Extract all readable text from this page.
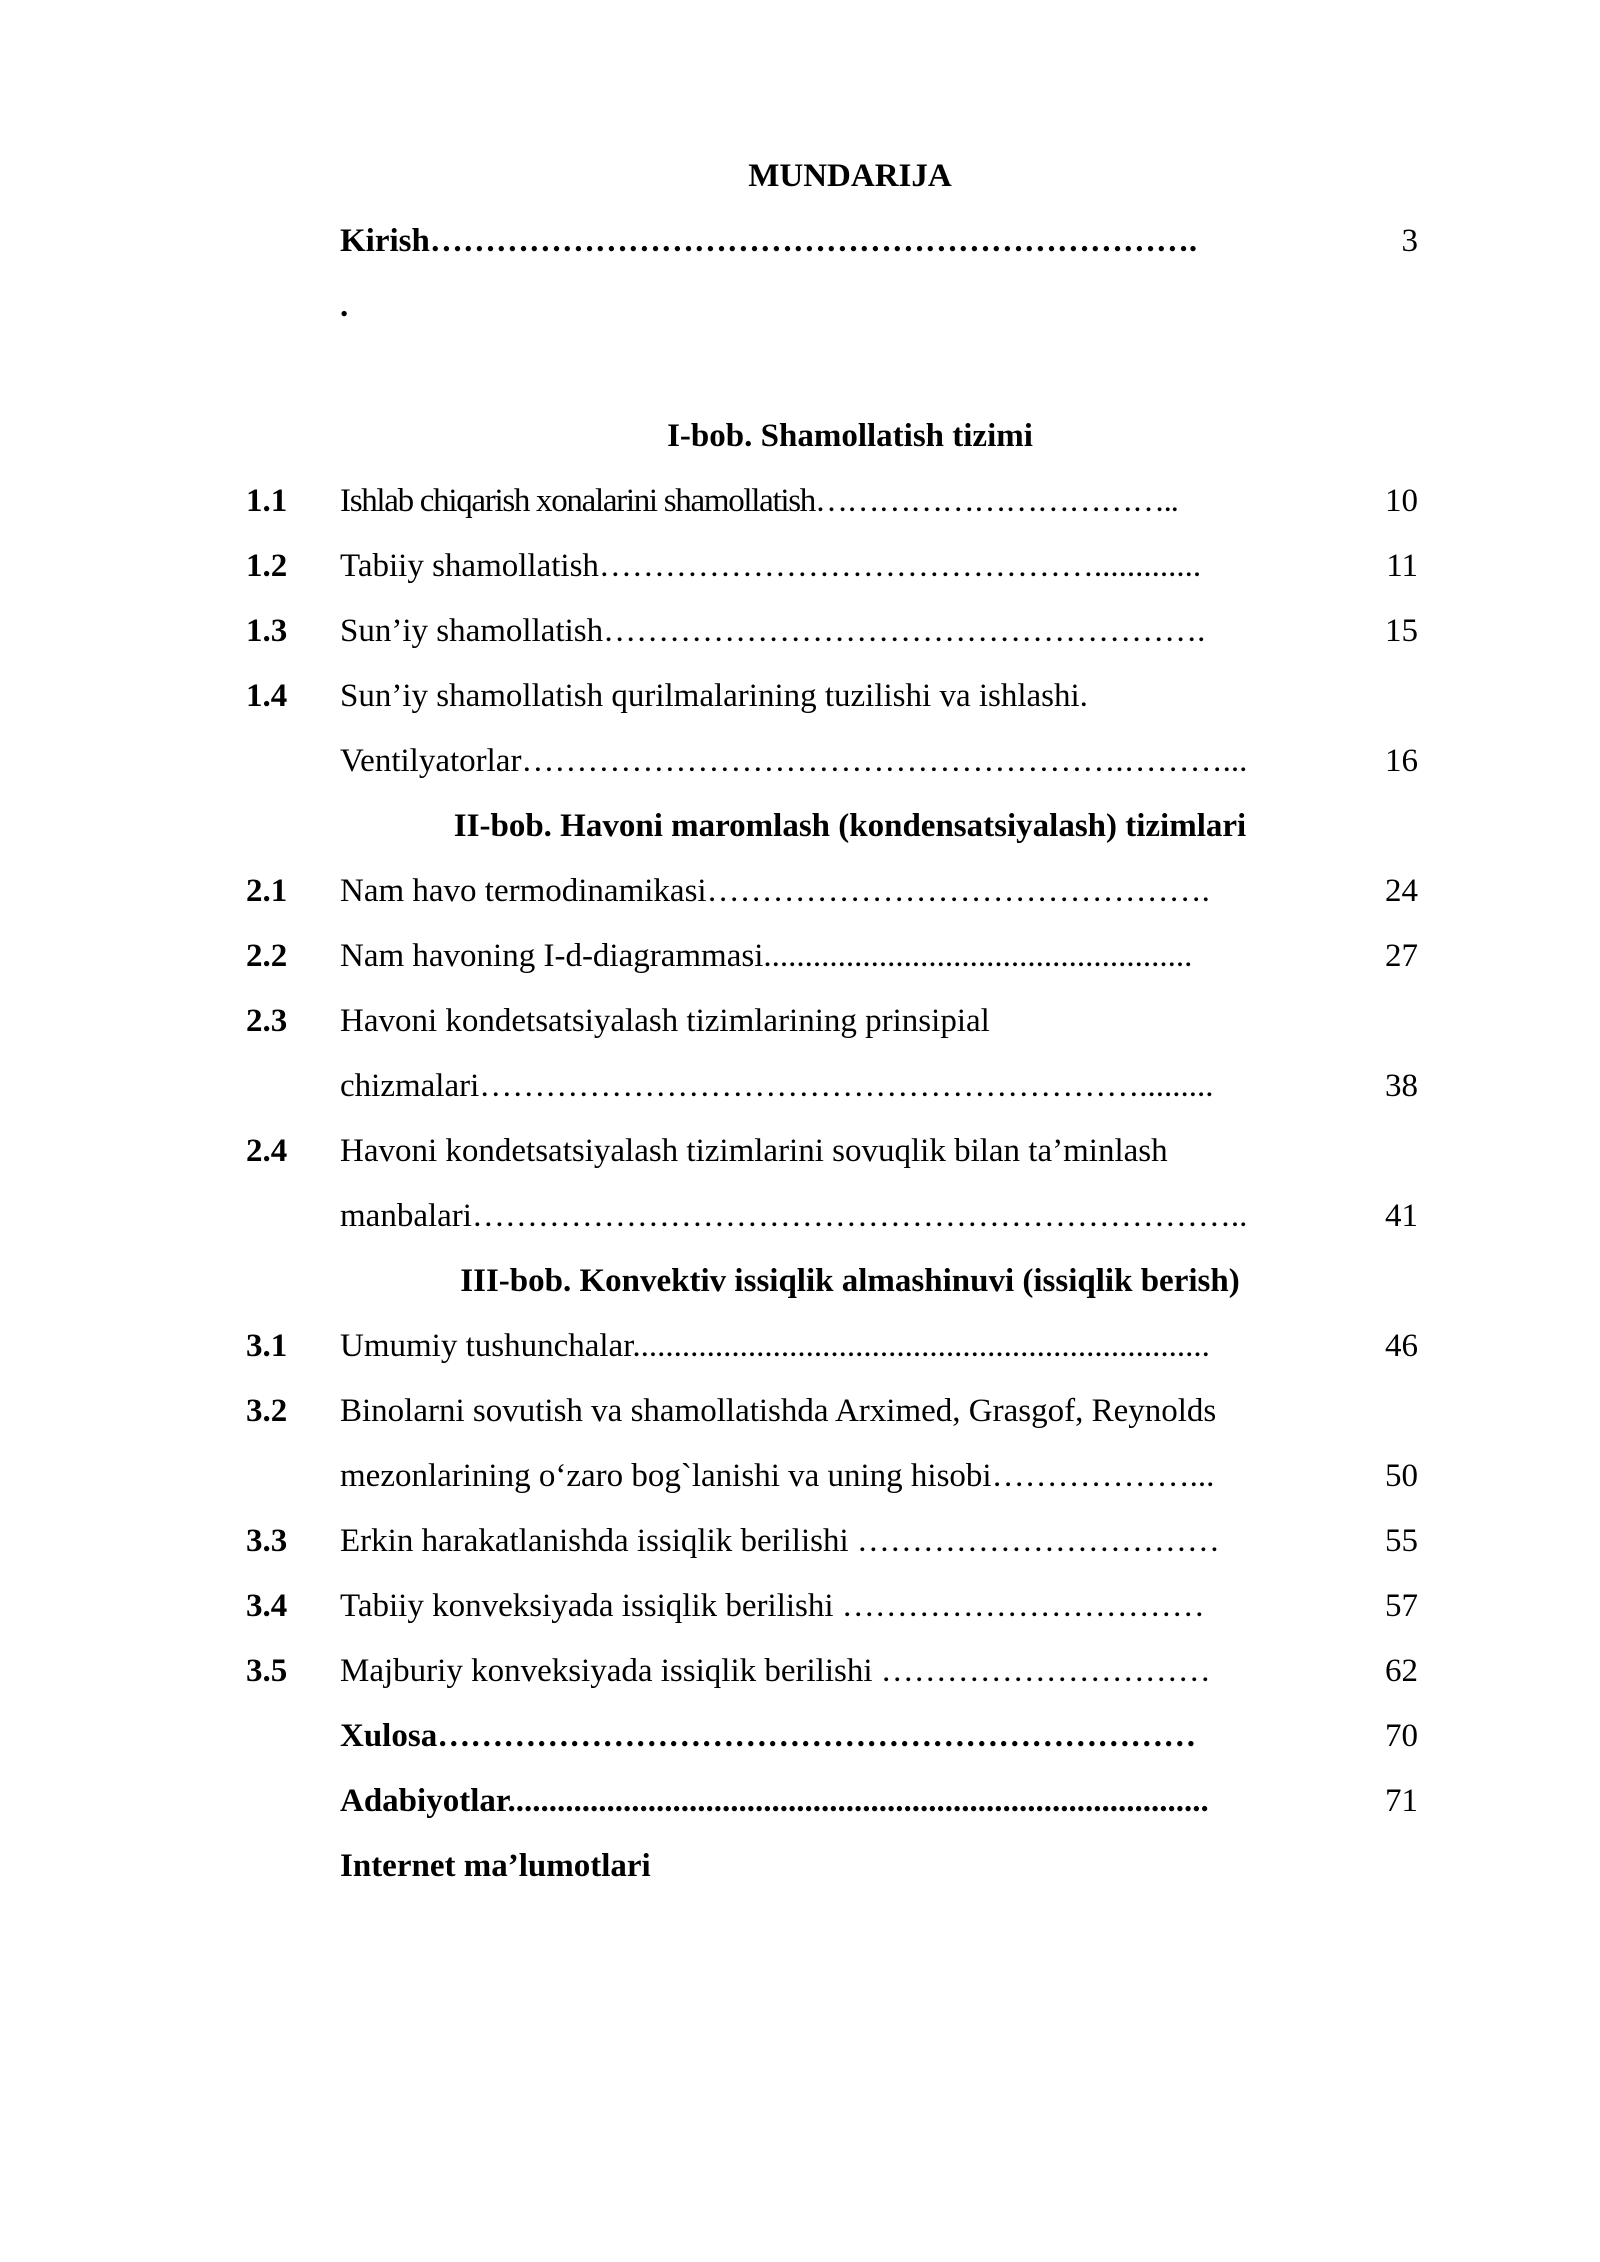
MUNDARIJA
Kirish…………………………………………………………….	3
.
I-bob. Shamollatish tizimi
1.1 Ishlab chiqarish xonalarini shamollatish……………………………..	10
1.2 Tabiiy shamollatish……………………………………….............	11
1.3 Sun’iy shamollatish……………………………………………….	15
1.4 Sun’iy shamollatish qurilmalarining tuzilishi va ishlashi.
Ventilyatorlar……………………………………………….………...	16
II-bob. Havoni maromlash (kondensatsiyalash) tizimlari
2.1 Nam havo termodinamikasi……………………………………….	24
2.2 Nam havoning I-d-diagrammasi....................................................	27
2.3 Havoni kondetsatsiyalash tizimlarining prinsipial
chizmalari…………………………………………………….........	38
2.4 Havoni kondetsatsiyalash tizimlarini sovuqlik bilan ta’minlash
manbalari……………………………………………………………..	41
III-bob. Konvektiv issiqlik almashinuvi (issiqlik berish)
3.1 Umumiy tushunchalar......................................................................	46
3.2 Binolarni sovutish va shamollatishda Arximed, Grasgof, Reynolds
mezonlarining o‘zaro bog`lanishi va uning hisobi………………...	50
3.3 Erkin harakatlanishda issiqlik berilishi ……………………………	55
3.4 Tabiiy konveksiyada issiqlik berilishi ……………………………	57
3.5 Majburiy konveksiyada issiqlik berilishi …………………………	62
Xulosa……………………………………………………………	70
Adabiyotlar.....................................................................................	71
Internet ma’lumotlari
